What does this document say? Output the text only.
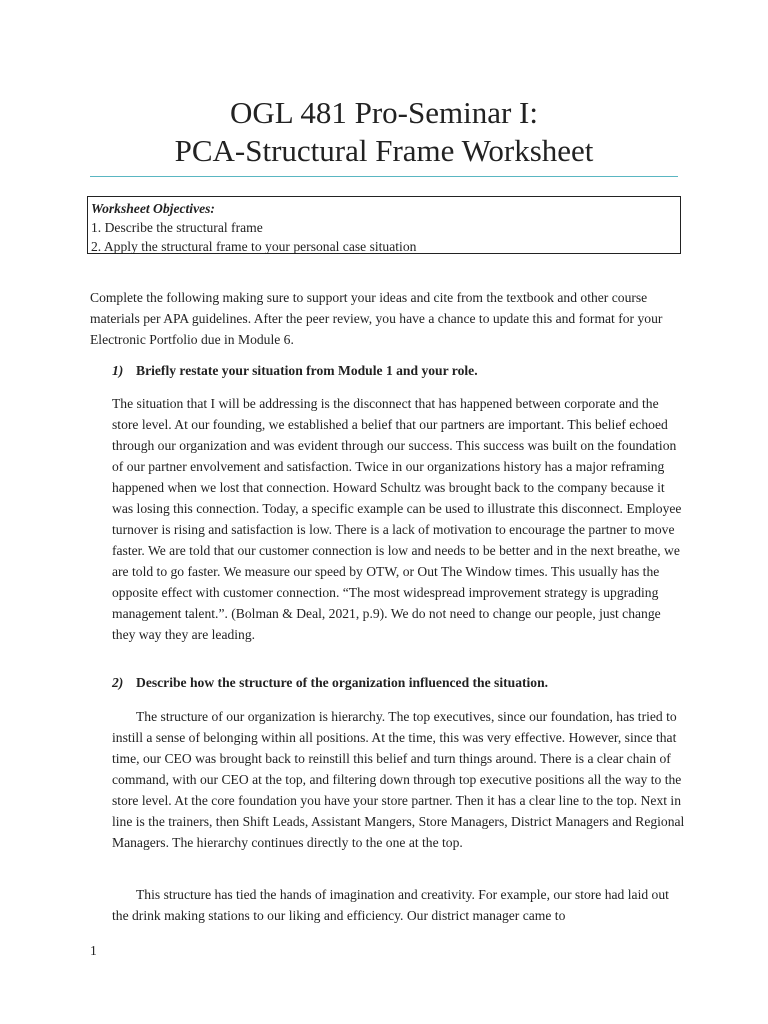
OGL 481 Pro-Seminar I:
PCA-Structural Frame Worksheet
Worksheet Objectives:
1. Describe the structural frame
2. Apply the structural frame to your personal case situation

Complete the following making sure to support your ideas and cite from the textbook and other course materials per APA guidelines. After the peer review, you have a chance to update this and format for your Electronic Portfolio due in Module 6.

1) Briefly restate your situation from Module 1 and your role.

The situation that I will be addressing is the disconnect that has happened between corporate and the store level. At our founding, we established a belief that our partners are important. This belief echoed through our organization and was evident through our success. This success was built on the foundation of our partner envolvement and satisfaction. Twice in our organizations history has a major reframing happened when we lost that connection. Howard Schultz was brought back to the company because it was losing this connection. Today, a specific example can be used to illustrate this disconnect. Employee turnover is rising and satisfaction is low. There is a lack of motivation to encourage the partner to move faster. We are told that our customer connection is low and needs to be better and in the next breathe, we are told to go faster. We measure our speed by OTW, or Out The Window times. This usually has the opposite effect with customer connection. “The most widespread improvement strategy is upgrading management talent.”. (Bolman & Deal, 2021, p.9). We do not need to change our people, just change they way they are leading.

2) Describe how the structure of the organization influenced the situation.

The structure of our organization is hierarchy. The top executives, since our foundation, has tried to instill a sense of belonging within all positions. At the time, this was very effective. However, since that time, our CEO was brought back to reinstill this belief and turn things around. There is a clear chain of command, with our CEO at the top, and filtering down through top executive positions all the way to the store level. At the core foundation you have your store partner. Then it has a clear line to the top. Next in line is the trainers, then Shift Leads, Assistant Mangers, Store Managers, District Managers and Regional Managers. The hierarchy continues directly to the one at the top.

This structure has tied the hands of imagination and creativity. For example, our store had laid out the drink making stations to our liking and efficiency. Our district manager came to

1
